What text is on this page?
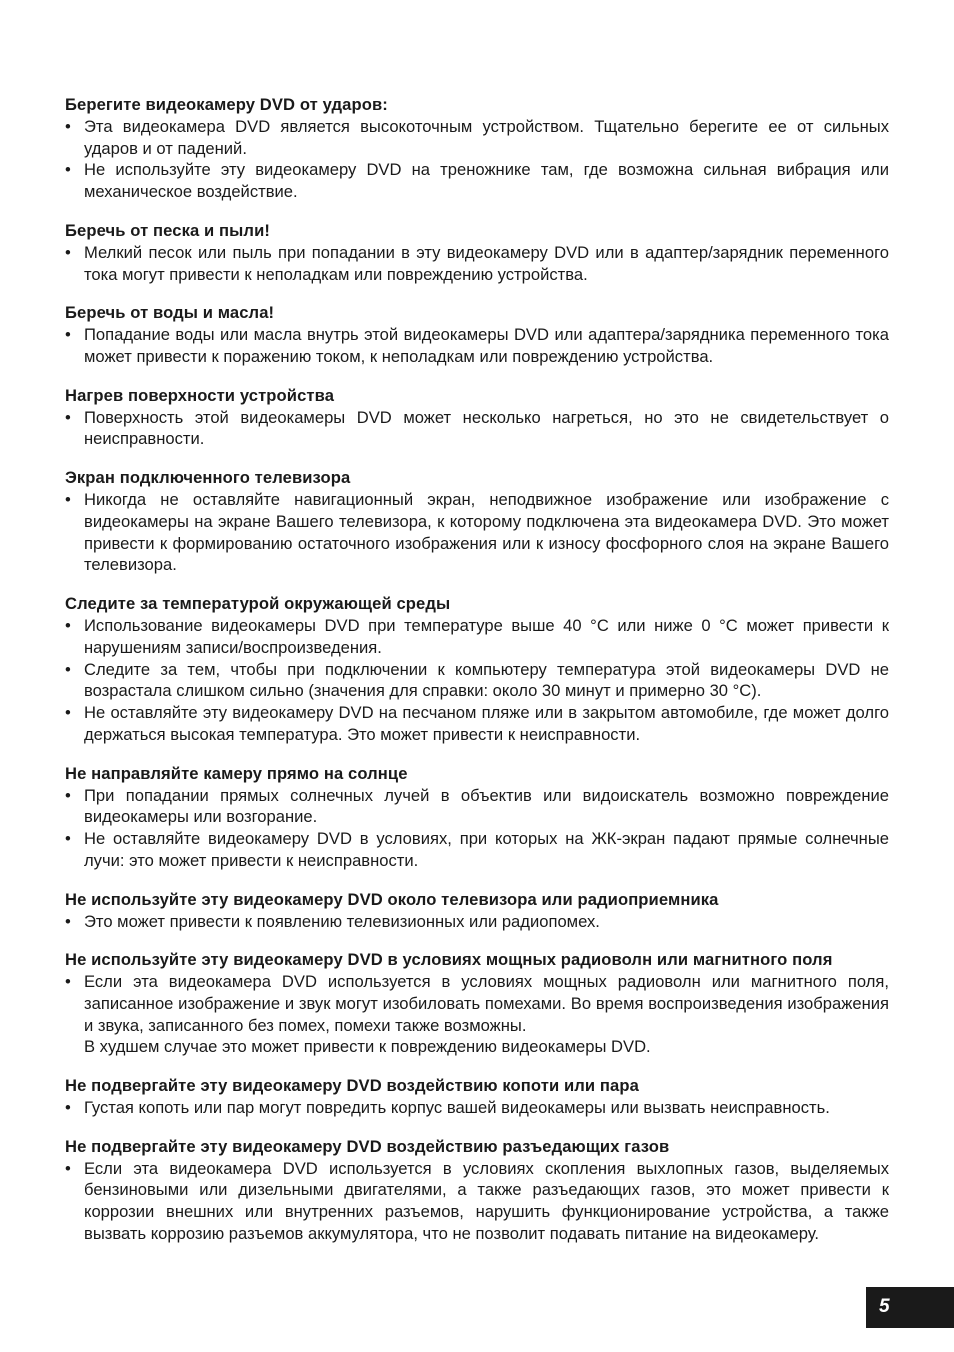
Берегите видеокамеру DVD от ударов:
• Эта видеокамера DVD является высокоточным устройством. Тщательно берегите ее от сильных ударов и от падений.
• Не используйте эту видеокамеру DVD на треножнике там, где возможна сильная вибрация или механическое воздействие.
Беречь от песка и пыли!
• Мелкий песок или пыль при попадании в эту видеокамеру DVD или в адаптер/зарядник переменного тока могут привести к неполадкам или повреждению устройства.
Беречь от воды и масла!
• Попадание воды или масла внутрь этой видеокамеры DVD или адаптера/зарядника переменного тока может привести к поражению током, к неполадкам или повреждению устройства.
Нагрев поверхности устройства
• Поверхность этой видеокамеры DVD может несколько нагреться, но это не свидетельствует о неисправности.
Экран подключенного телевизора
• Никогда не оставляйте навигационный экран, неподвижное изображение или изображение с видеокамеры на экране Вашего телевизора, к которому подключена эта видеокамера DVD. Это может привести к формированию остаточного изображения или к износу фосфорного слоя на экране Вашего телевизора.
Следите за температурой окружающей среды
• Использование видеокамеры DVD при температуре выше 40 °C или ниже 0 °C может привести к нарушениям записи/воспроизведения.
• Следите за тем, чтобы при подключении к компьютеру температура этой видеокамеры DVD не возрастала слишком сильно (значения для справки: около 30 минут и примерно 30 °C).
• Не оставляйте эту видеокамеру DVD на песчаном пляже или в закрытом автомобиле, где может долго держаться высокая температура. Это может привести к неисправности.
Не направляйте камеру прямо на солнце
• При попадании прямых солнечных лучей в объектив или видоискатель возможно повреждение видеокамеры или возгорание.
• Не оставляйте видеокамеру DVD в условиях, при которых на ЖК-экран падают прямые солнечные лучи: это может привести к неисправности.
Не используйте эту видеокамеру DVD около телевизора или радиоприемника
• Это может привести к появлению телевизионных или радиопомех.
Не используйте эту видеокамеру DVD в условиях мощных радиоволн или магнитного поля
• Если эта видеокамера DVD используется в условиях мощных радиоволн или магнитного поля, записанное изображение и звук могут изобиловать помехами. Во время воспроизведения изображения и звука, записанного без помех, помехи также возможны.
В худшем случае это может привести к повреждению видеокамеры DVD.
Не подвергайте эту видеокамеру DVD воздействию копоти или пара
• Густая копоть или пар могут повредить корпус вашей видеокамеры или вызвать неисправность.
Не подвергайте эту видеокамеру DVD воздействию разъедающих газов
• Если эта видеокамера DVD используется в условиях скопления выхлопных газов, выделяемых бензиновыми или дизельными двигателями, а также разъедающих газов, это может привести к коррозии внешних или внутренних разъемов, нарушить функционирование устройства, а также вызвать коррозию разъемов аккумулятора, что не позволит подавать питание на видеокамеру.
5
